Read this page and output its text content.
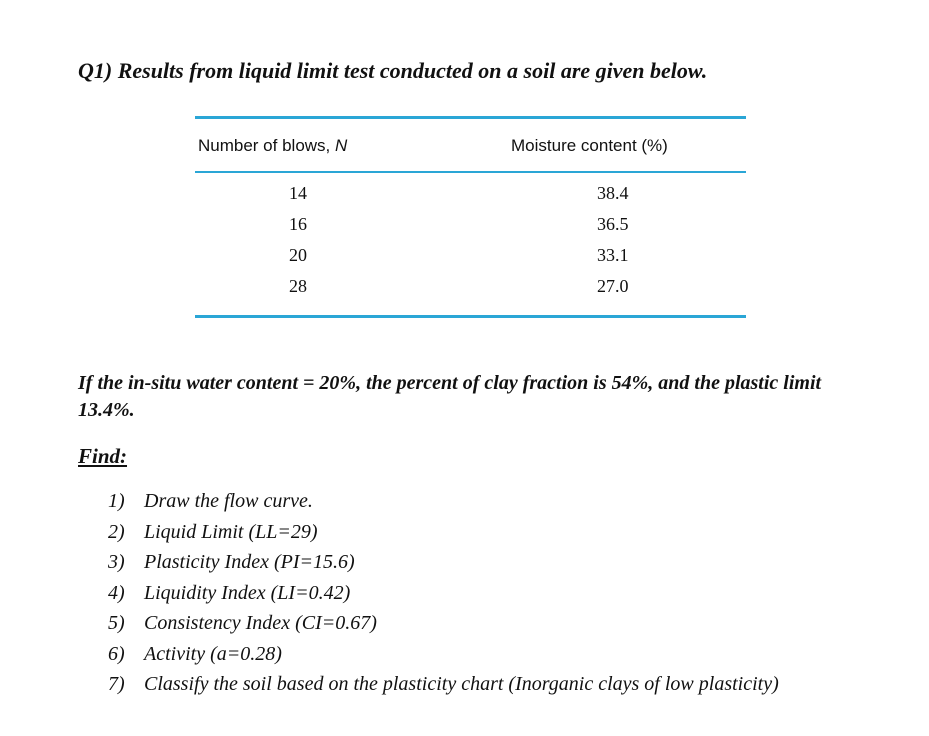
Q1) Results from liquid limit test conducted on a soil are given below.
Number of blows, N	Moisture content (%)
14	38.4
16	36.5
20	33.1
28	27.0
If the in-situ water content = 20%, the percent of clay fraction is 54%, and the plastic limit 13.4%.
Find:
1) Draw the flow curve.
2) Liquid Limit (LL=29)
3) Plasticity Index (PI=15.6)
4) Liquidity Index (LI=0.42)
5) Consistency Index (CI=0.67)
6) Activity (a=0.28)
7) Classify the soil based on the plasticity chart (Inorganic clays of low plasticity)
